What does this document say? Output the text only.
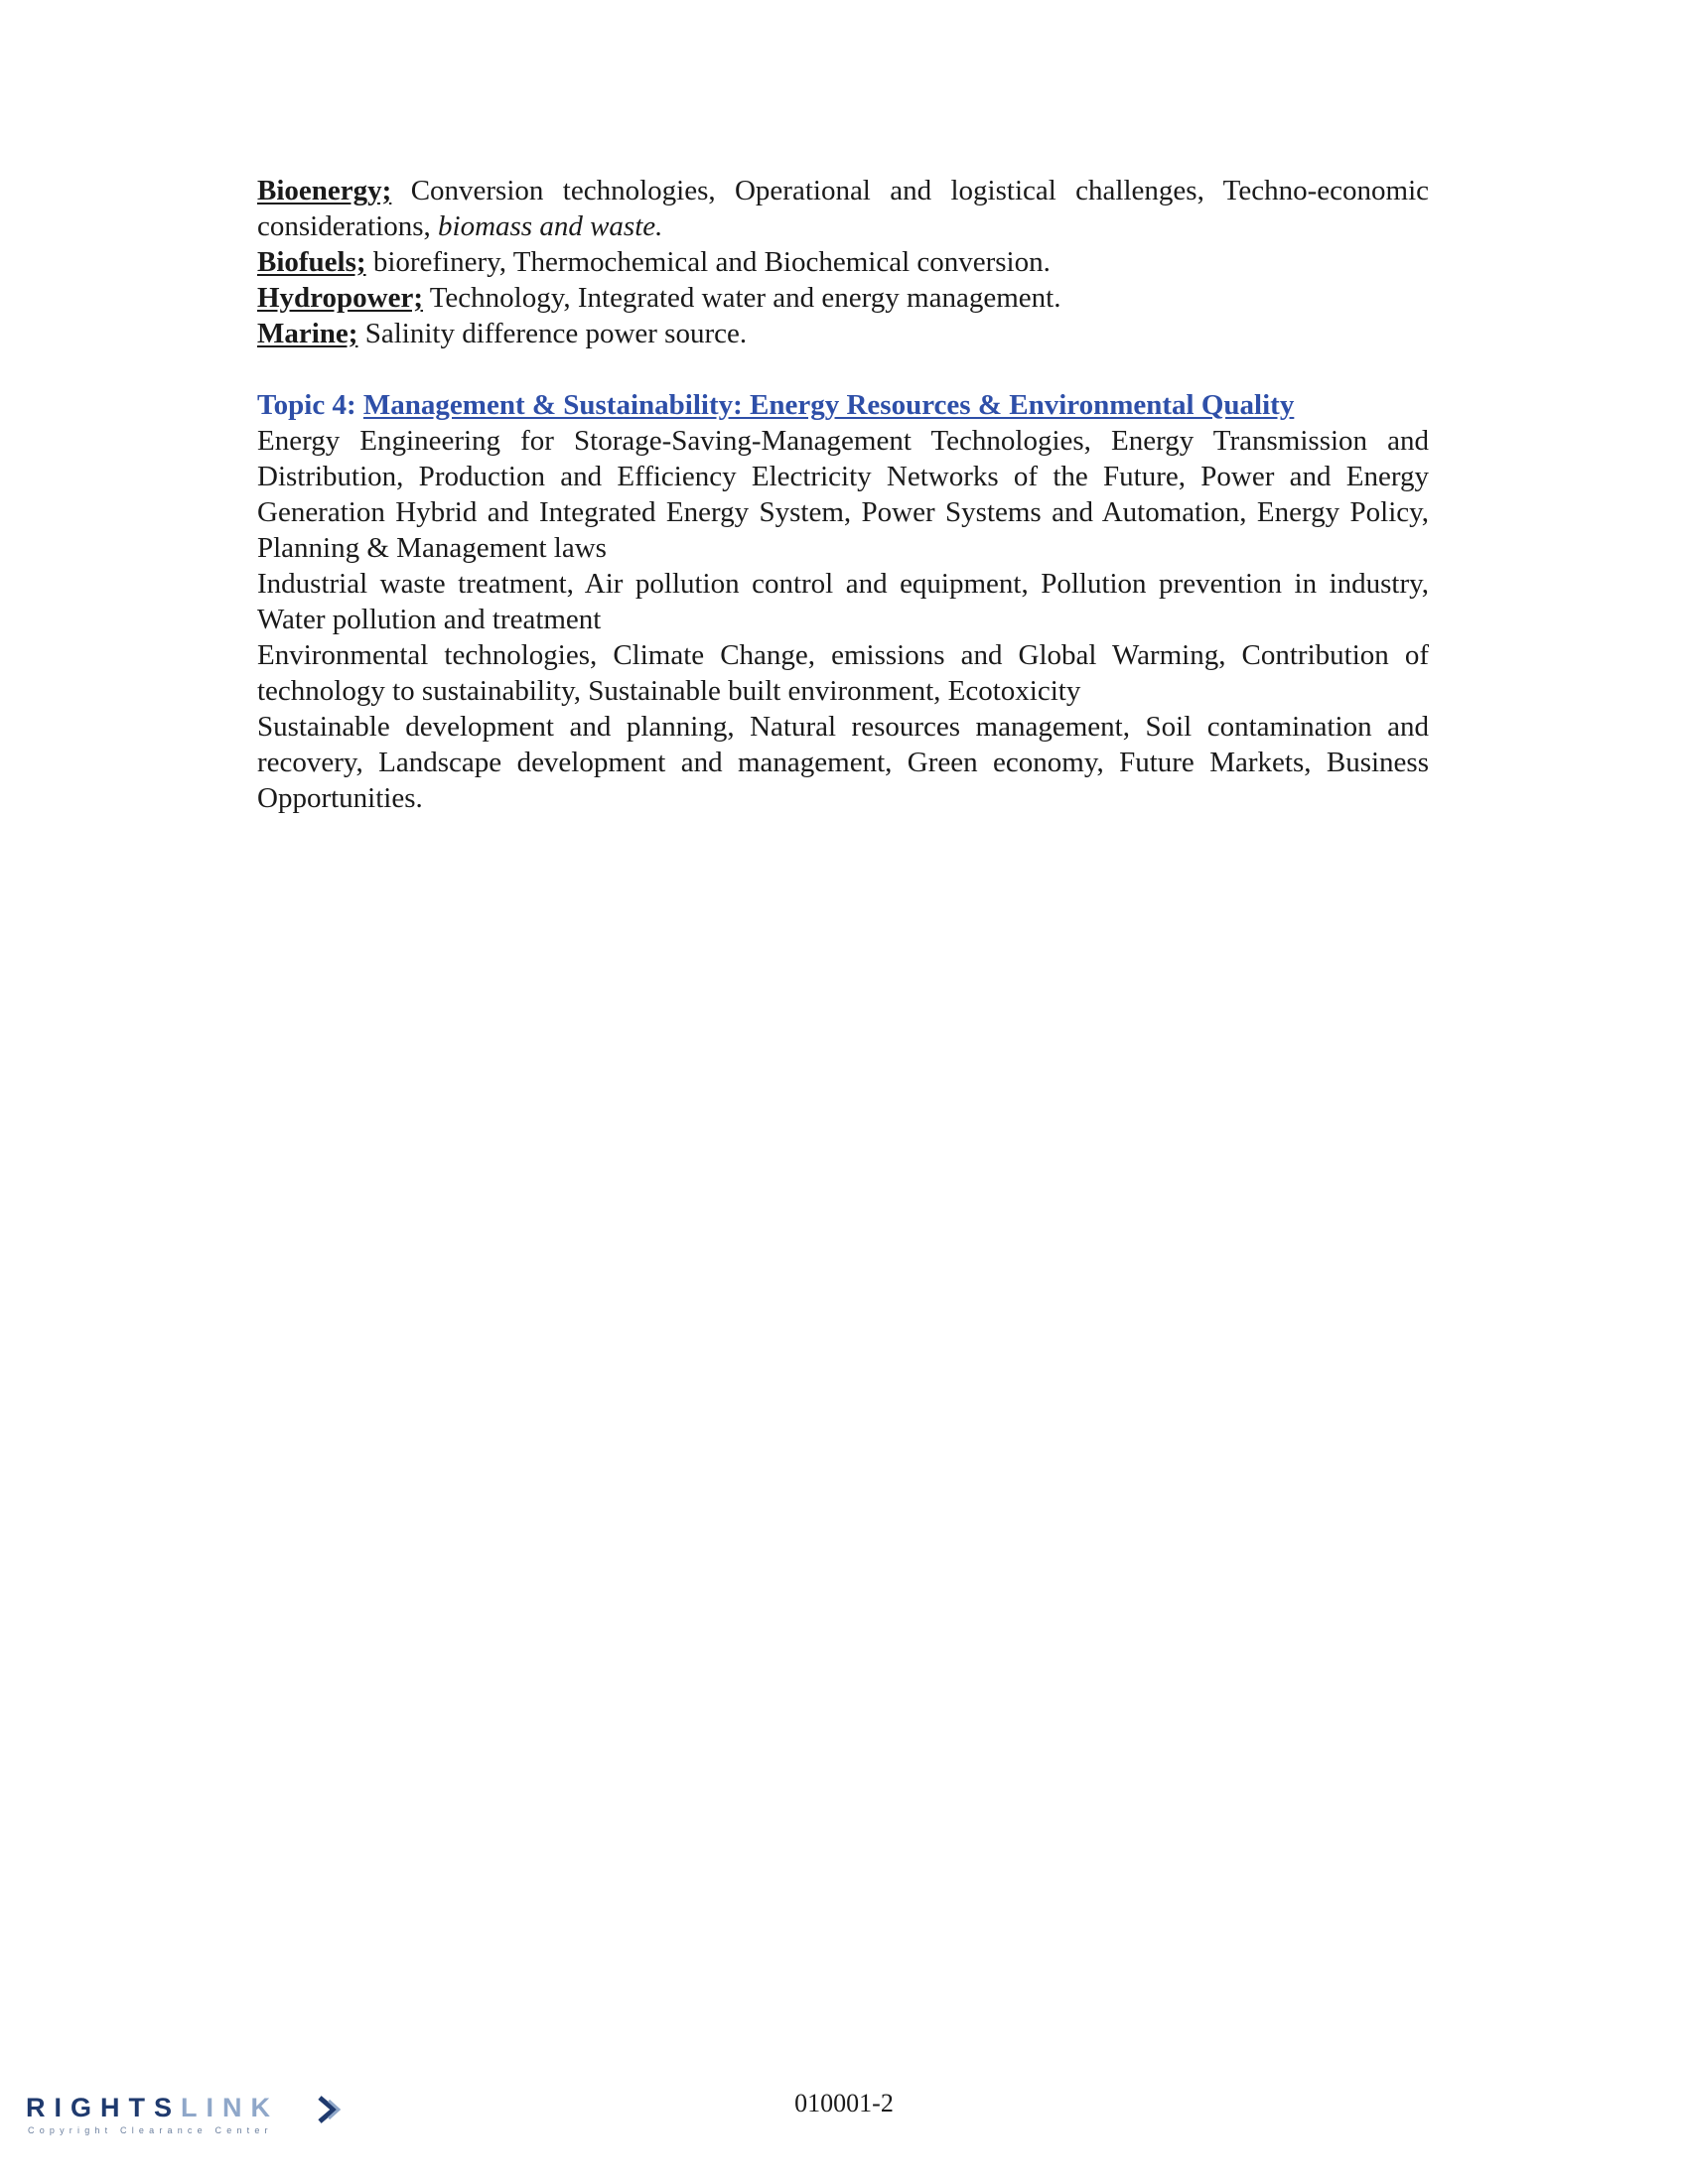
Bioenergy; Conversion technologies, Operational and logistical challenges, Techno-economic considerations, biomass and waste.

Biofuels; biorefinery, Thermochemical and Biochemical conversion.

Hydropower; Technology, Integrated water and energy management.

Marine; Salinity difference power source.

Topic 4: Management & Sustainability: Energy Resources & Environmental Quality

Energy Engineering for Storage-Saving-Management Technologies, Energy Transmission and Distribution, Production and Efficiency Electricity Networks of the Future, Power and Energy Generation Hybrid and Integrated Energy System, Power Systems and Automation, Energy Policy, Planning & Management laws

Industrial waste treatment, Air pollution control and equipment, Pollution prevention in industry, Water pollution and treatment

Environmental technologies, Climate Change, emissions and Global Warming, Contribution of technology to sustainability, Sustainable built environment, Ecotoxicity

Sustainable development and planning, Natural resources management, Soil contamination and recovery, Landscape development and management, Green economy, Future Markets, Business Opportunities.

RIGHTSLINK
Copyright Clearance Center
010001-2
